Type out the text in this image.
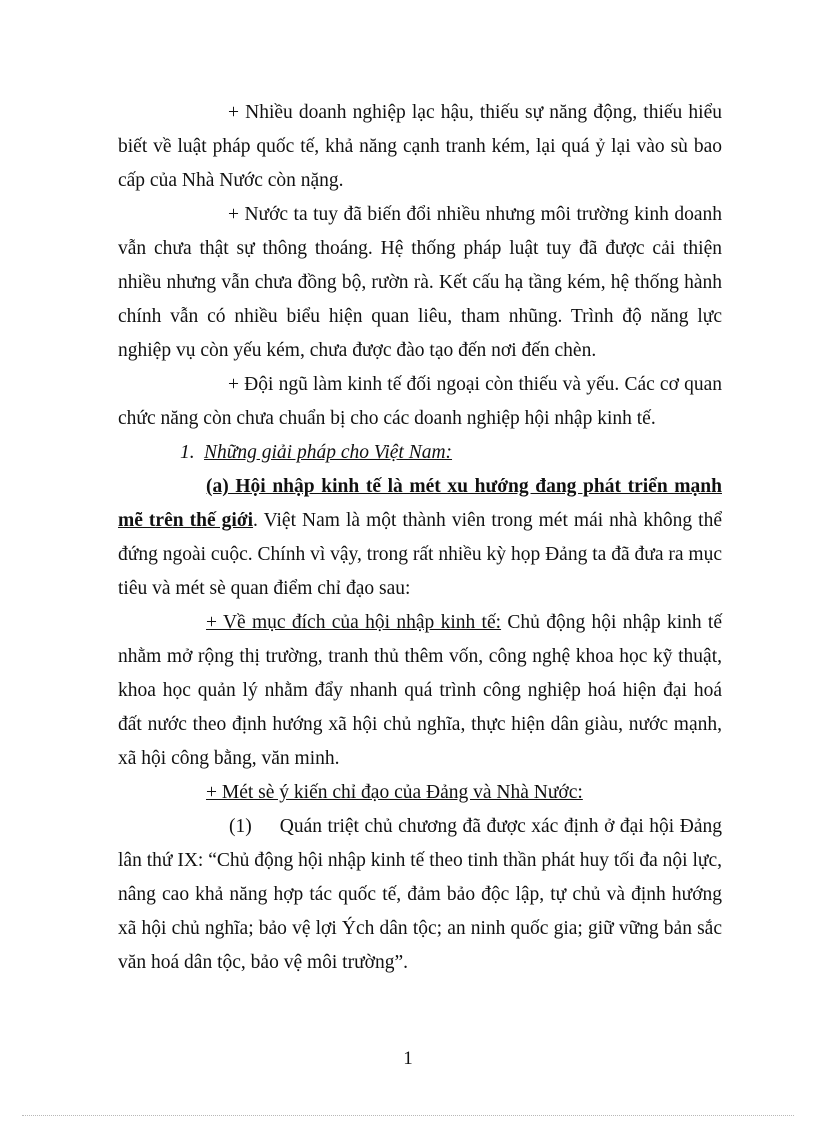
+ Nhiều doanh nghiệp lạc hậu, thiếu sự năng động, thiếu hiểu biết về luật pháp quốc tế, khả năng cạnh tranh kém, lại quá ỷ lại vào sù bao cấp của Nhà Nước còn nặng.

+ Nước ta tuy đã biến đổi nhiều nhưng môi trường kinh doanh vẫn chưa thật sự thông thoáng. Hệ thống pháp luật tuy đã được cải thiện nhiều nhưng vẫn chưa đồng bộ, rườn rà. Kết cấu hạ tầng kém, hệ thống hành chính vẫn có nhiều biểu hiện quan liêu, tham nhũng. Trình độ năng lực nghiệp vụ còn yếu kém, chưa được đào tạo đến nơi đến chèn.

+ Đội ngũ làm kinh tế đối ngoại còn thiếu và yếu. Các cơ quan chức năng còn chưa chuẩn bị cho các doanh nghiệp hội nhập kinh tế.

1. Những giải pháp cho Việt Nam:

(a) Hội nhập kinh tế là mét xu hướng đang phát triển mạnh mẽ trên thế giới. Việt Nam là một thành viên trong mét mái nhà không thể đứng ngoài cuộc. Chính vì vậy, trong rất nhiều kỳ họp Đảng ta đã đưa ra mục tiêu và mét sè quan điểm chỉ đạo sau:

+ Về mục đích của hội nhập kinh tế: Chủ động hội nhập kinh tế nhằm mở rộng thị trường, tranh thủ thêm vốn, công nghệ khoa học kỹ thuật, khoa học quản lý nhằm đẩy nhanh quá trình công nghiệp hoá hiện đại hoá đất nước theo định hướng xã hội chủ nghĩa, thực hiện dân giàu, nước mạnh, xã hội công bằng, văn minh.

+ Mét sè ý kiến chỉ đạo của Đảng và Nhà Nước:

(1) Quán triệt chủ chương đã được xác định ở đại hội Đảng lân thứ IX: “Chủ động hội nhập kinh tế theo tinh thần phát huy tối đa nội lực, nâng cao khả năng hợp tác quốc tế, đảm bảo độc lập, tự chủ và định hướng xã hội chủ nghĩa; bảo vệ lợi Ých dân tộc; an ninh quốc gia; giữ vững bản sắc văn hoá dân tộc, bảo vệ môi trường”.

1
